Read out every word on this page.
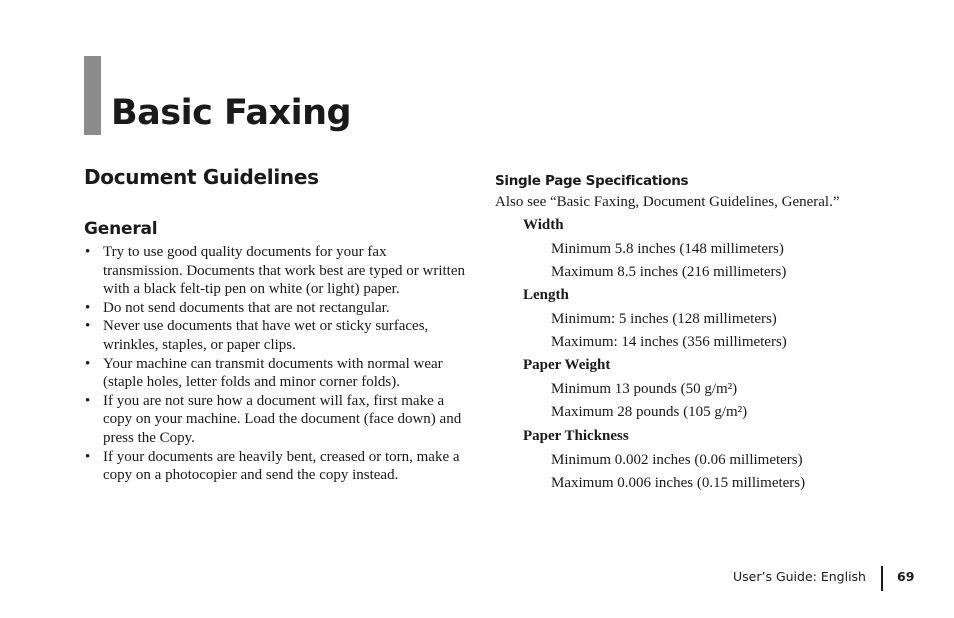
Basic Faxing
Document Guidelines
General
• Try to use good quality documents for your fax transmission. Documents that work best are typed or written with a black felt-tip pen on white (or light) paper.
• Do not send documents that are not rectangular.
• Never use documents that have wet or sticky surfaces, wrinkles, staples, or paper clips.
• Your machine can transmit documents with normal wear (staple holes, letter folds and minor corner folds).
• If you are not sure how a document will fax, first make a copy on your machine. Load the document (face down) and press the Copy.
• If your documents are heavily bent, creased or torn, make a copy on a photocopier and send the copy instead.
Single Page Specifications

Also see “Basic Faxing, Document Guidelines, General.”

Width

Minimum 5.8 inches (148 millimeters)

Maximum 8.5 inches (216 millimeters)

Length

Minimum: 5 inches (128 millimeters)

Maximum: 14 inches (356 millimeters)

Paper Weight

Minimum 13 pounds (50 g/m²)

Maximum 28 pounds (105 g/m²)

Paper Thickness

Minimum 0.002 inches (0.06 millimeters)

Maximum 0.006 inches (0.15 millimeters)

User’s Guide: English 69
